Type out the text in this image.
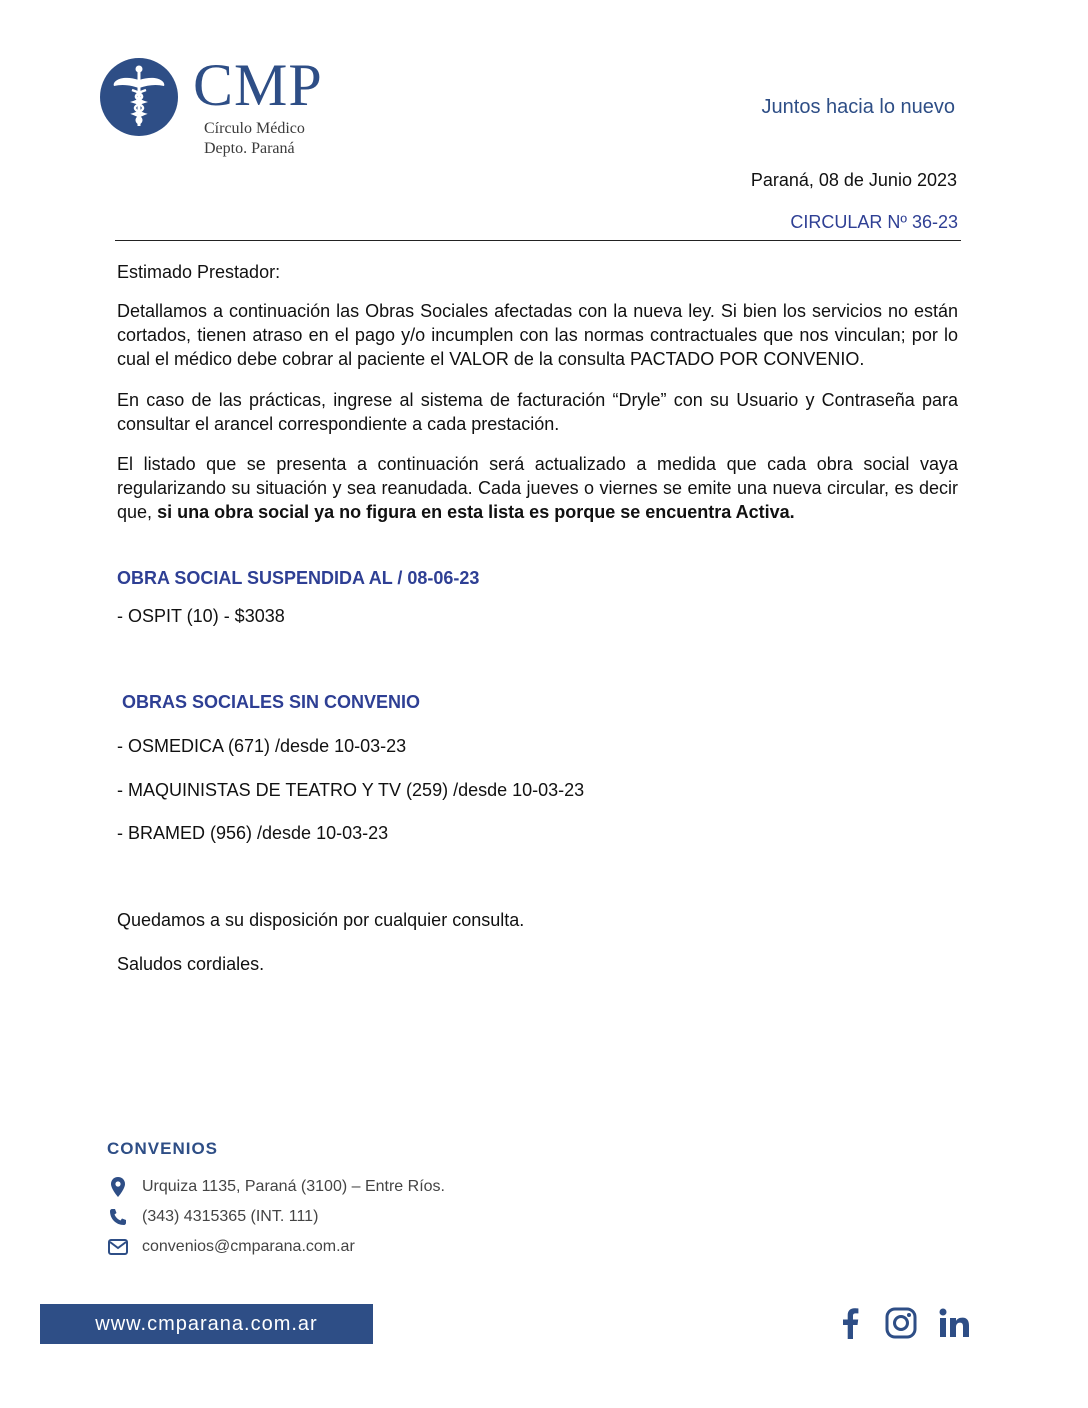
CMP
Círculo Médico
Depto. Paraná
Juntos hacia lo nuevo
Paraná, 08 de Junio 2023
CIRCULAR Nº 36-23
Estimado Prestador:
Detallamos a continuación las Obras Sociales afectadas con la nueva ley. Si bien los servicios no están cortados, tienen atraso en el pago y/o incumplen con las normas contractuales que nos vinculan; por lo cual el médico debe cobrar al paciente el VALOR de la consulta PACTADO POR CONVENIO.
En caso de las prácticas, ingrese al sistema de facturación “Dryle” con su Usuario y Contraseña para consultar el arancel correspondiente a cada prestación.
El listado que se presenta a continuación será actualizado a medida que cada obra social vaya regularizando su situación y sea reanudada. Cada jueves o viernes se emite una nueva circular, es decir que, si una obra social ya no figura en esta lista es porque se encuentra Activa.
OBRA SOCIAL SUSPENDIDA AL / 08-06-23
- OSPIT (10) - $3038
OBRAS SOCIALES SIN CONVENIO
- OSMEDICA (671) /desde 10-03-23
- MAQUINISTAS DE TEATRO Y TV (259) /desde 10-03-23
- BRAMED (956) /desde 10-03-23
Quedamos a su disposición por cualquier consulta.
Saludos cordiales.
CONVENIOS
Urquiza 1135, Paraná (3100) – Entre Ríos.
(343) 4315365 (INT. 111)
convenios@cmparana.com.ar
www.cmparana.com.ar
